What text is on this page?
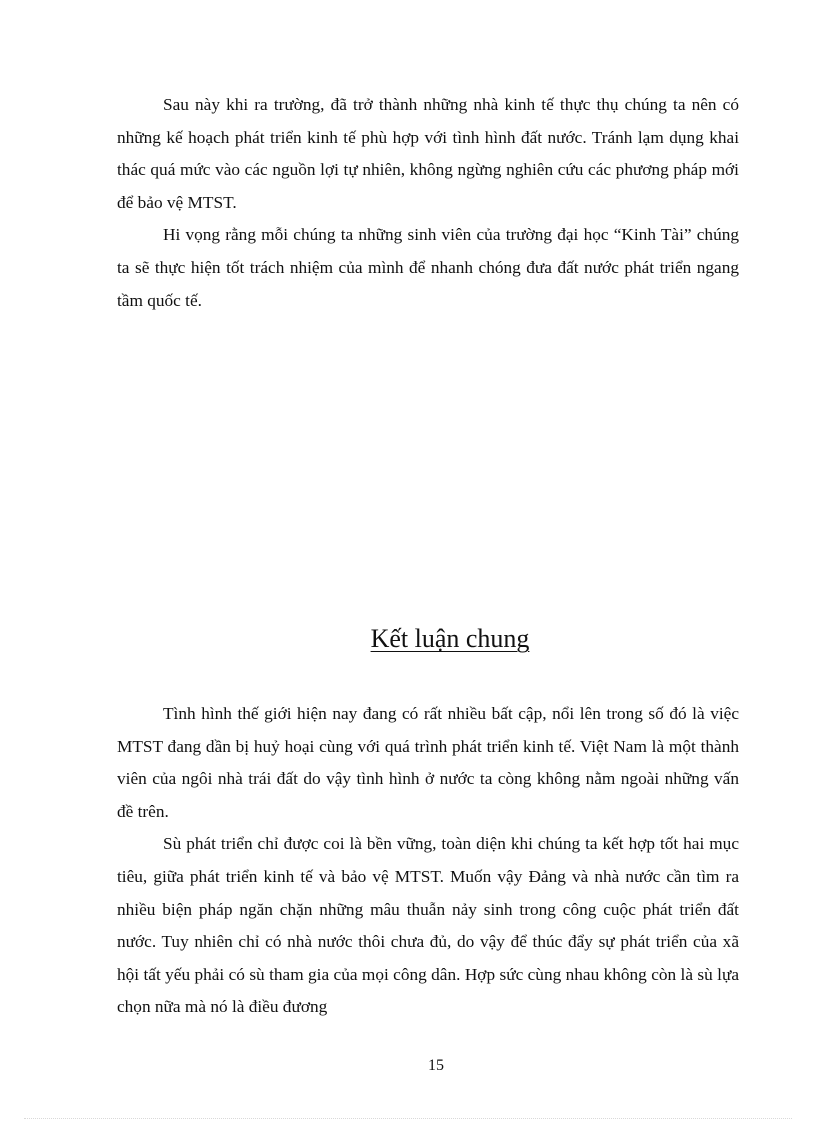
Sau này khi ra trường, đã trở thành những nhà kinh tế thực thụ chúng ta nên có những kế hoạch phát triển kinh tế phù hợp với tình hình đất nước. Tránh lạm dụng khai thác quá mức vào các nguồn lợi tự nhiên, không ngừng nghiên cứu các phương pháp mới để bảo vệ MTST.

Hi vọng rằng mỗi chúng ta những sinh viên của trường đại học “Kinh Tài” chúng ta sẽ thực hiện tốt trách nhiệm của mình để nhanh chóng đưa đất nước phát triển ngang tầm quốc tế.

Kết luận chung

Tình hình thế giới hiện nay đang có rất nhiều bất cập, nổi lên trong số đó là việc MTST đang dần bị huỷ hoại cùng với quá trình phát triển kinh tế. Việt Nam là một thành viên của ngôi nhà trái đất do vậy tình hình ở nước ta còng không nằm ngoài những vấn đề trên.

Sù phát triển chỉ được coi là bền vững, toàn diện khi chúng ta kết hợp tốt hai mục tiêu, giữa phát triển kinh tế và bảo vệ MTST. Muốn vậy Đảng và nhà nước cần tìm ra nhiều biện pháp ngăn chặn những mâu thuẫn nảy sinh trong công cuộc phát triển đất nước. Tuy nhiên chỉ có nhà nước thôi chưa đủ, do vậy để thúc đẩy sự phát triển của xã hội tất yếu phải có sù tham gia của mọi công dân. Hợp sức cùng nhau không còn là sù lựa chọn nữa mà nó là điều đương

15
